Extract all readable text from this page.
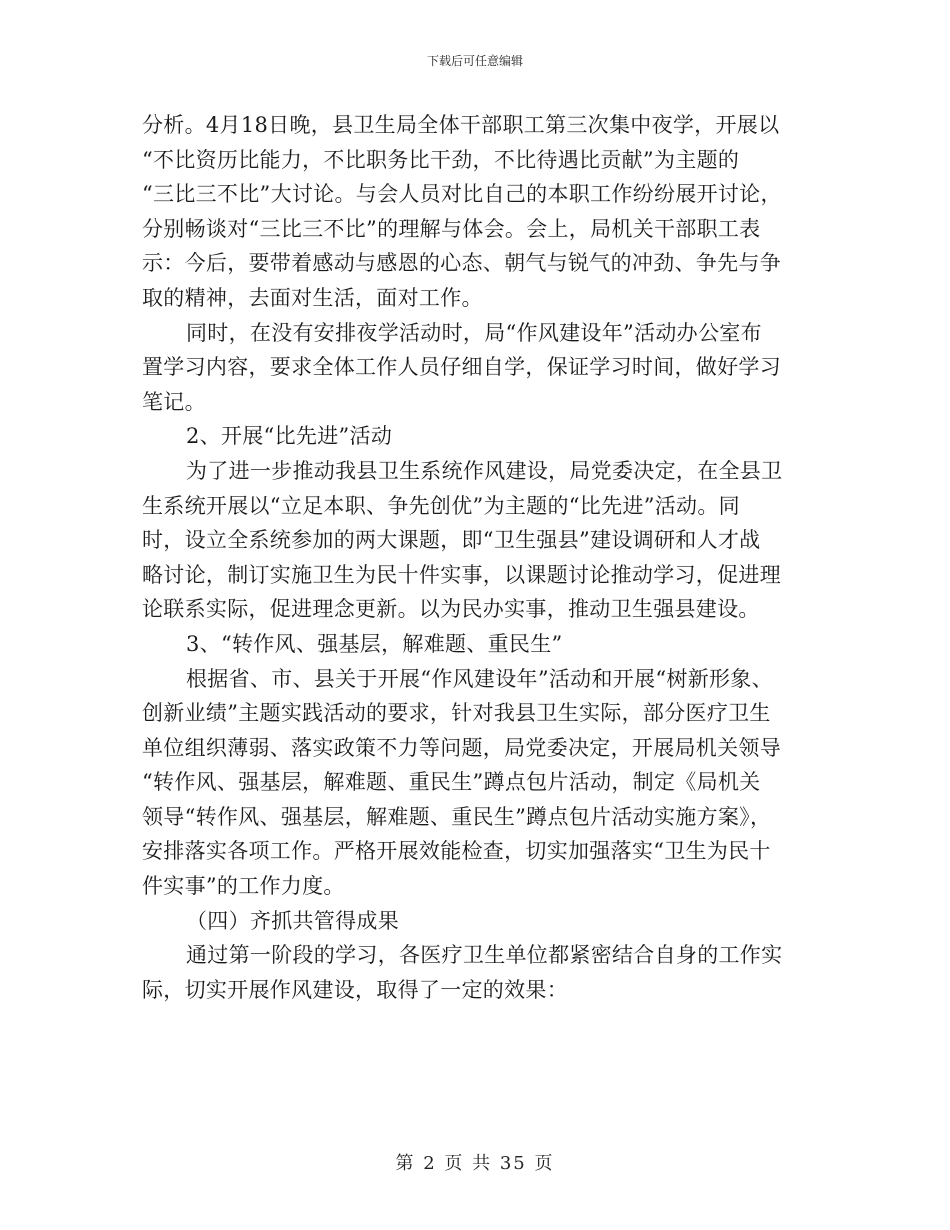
下载后可任意编辑
分析。4月18日晚，县卫生局全体干部职工第三次集中夜学，开展以
“不比资历比能力，不比职务比干劲，不比待遇比贡献”为主题的
“三比三不比”大讨论。与会人员对比自己的本职工作纷纷展开讨论，
分别畅谈对“三比三不比”的理解与体会。会上，局机关干部职工表
示：今后，要带着感动与感恩的心态、朝气与锐气的冲劲、争先与争
取的精神，去面对生活，面对工作。
同时，在没有安排夜学活动时，局“作风建设年”活动办公室布
置学习内容，要求全体工作人员仔细自学，保证学习时间，做好学习
笔记。
2、开展“比先进”活动
为了进一步推动我县卫生系统作风建设，局党委决定，在全县卫
生系统开展以“立足本职、争先创优”为主题的“比先进”活动。同
时，设立全系统参加的两大课题，即“卫生强县”建设调研和人才战
略讨论，制订实施卫生为民十件实事，以课题讨论推动学习，促进理
论联系实际，促进理念更新。以为民办实事，推动卫生强县建设。
3、“转作风、强基层，解难题、重民生”
根据省、市、县关于开展“作风建设年”活动和开展“树新形象、
创新业绩”主题实践活动的要求，针对我县卫生实际，部分医疗卫生
单位组织薄弱、落实政策不力等问题，局党委决定，开展局机关领导
“转作风、强基层，解难题、重民生”蹲点包片活动，制定《局机关
领导“转作风、强基层，解难题、重民生”蹲点包片活动实施方案》，
安排落实各项工作。严格开展效能检查，切实加强落实“卫生为民十
件实事”的工作力度。
（四）齐抓共管得成果
通过第一阶段的学习，各医疗卫生单位都紧密结合自身的工作实
际，切实开展作风建设，取得了一定的效果：
第 2 页 共 35 页
